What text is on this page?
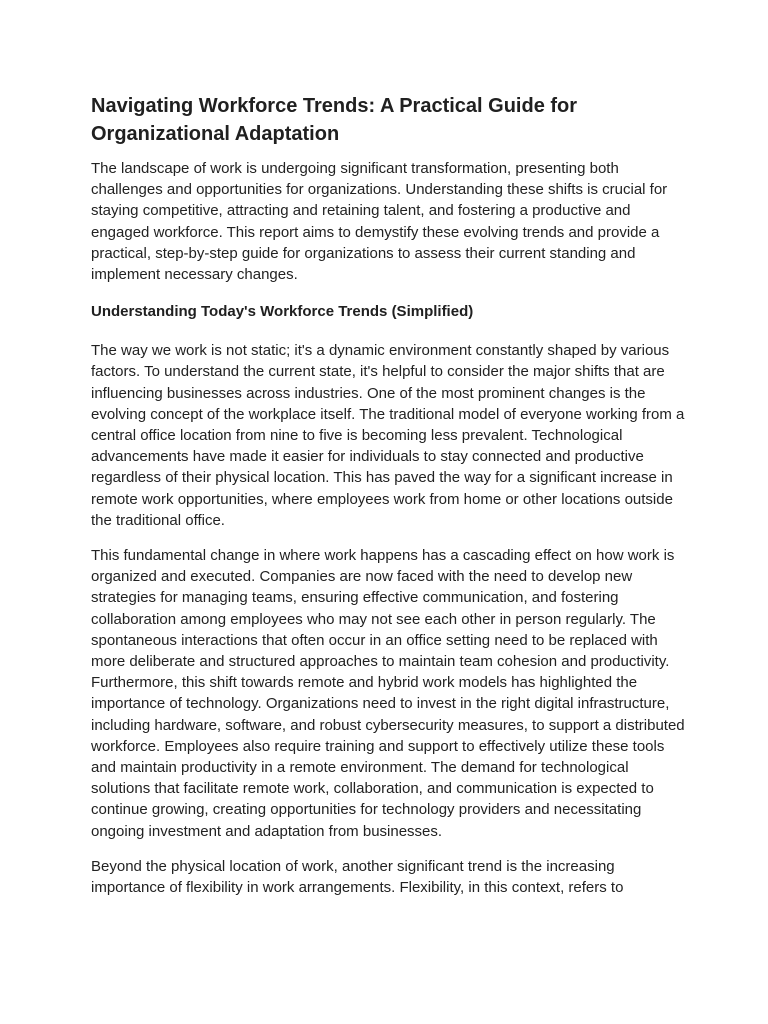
Navigating Workforce Trends: A Practical Guide for Organizational Adaptation

The landscape of work is undergoing significant transformation, presenting both challenges and opportunities for organizations. Understanding these shifts is crucial for staying competitive, attracting and retaining talent, and fostering a productive and engaged workforce. This report aims to demystify these evolving trends and provide a practical, step-by-step guide for organizations to assess their current standing and implement necessary changes.

Understanding Today's Workforce Trends (Simplified)

The way we work is not static; it's a dynamic environment constantly shaped by various factors. To understand the current state, it's helpful to consider the major shifts that are influencing businesses across industries. One of the most prominent changes is the evolving concept of the workplace itself. The traditional model of everyone working from a central office location from nine to five is becoming less prevalent. Technological advancements have made it easier for individuals to stay connected and productive regardless of their physical location. This has paved the way for a significant increase in remote work opportunities, where employees work from home or other locations outside the traditional office.

This fundamental change in where work happens has a cascading effect on how work is organized and executed. Companies are now faced with the need to develop new strategies for managing teams, ensuring effective communication, and fostering collaboration among employees who may not see each other in person regularly. The spontaneous interactions that often occur in an office setting need to be replaced with more deliberate and structured approaches to maintain team cohesion and productivity. Furthermore, this shift towards remote and hybrid work models has highlighted the importance of technology. Organizations need to invest in the right digital infrastructure, including hardware, software, and robust cybersecurity measures, to support a distributed workforce. Employees also require training and support to effectively utilize these tools and maintain productivity in a remote environment. The demand for technological solutions that facilitate remote work, collaboration, and communication is expected to continue growing, creating opportunities for technology providers and necessitating ongoing investment and adaptation from businesses.

Beyond the physical location of work, another significant trend is the increasing importance of flexibility in work arrangements. Flexibility, in this context, refers to
